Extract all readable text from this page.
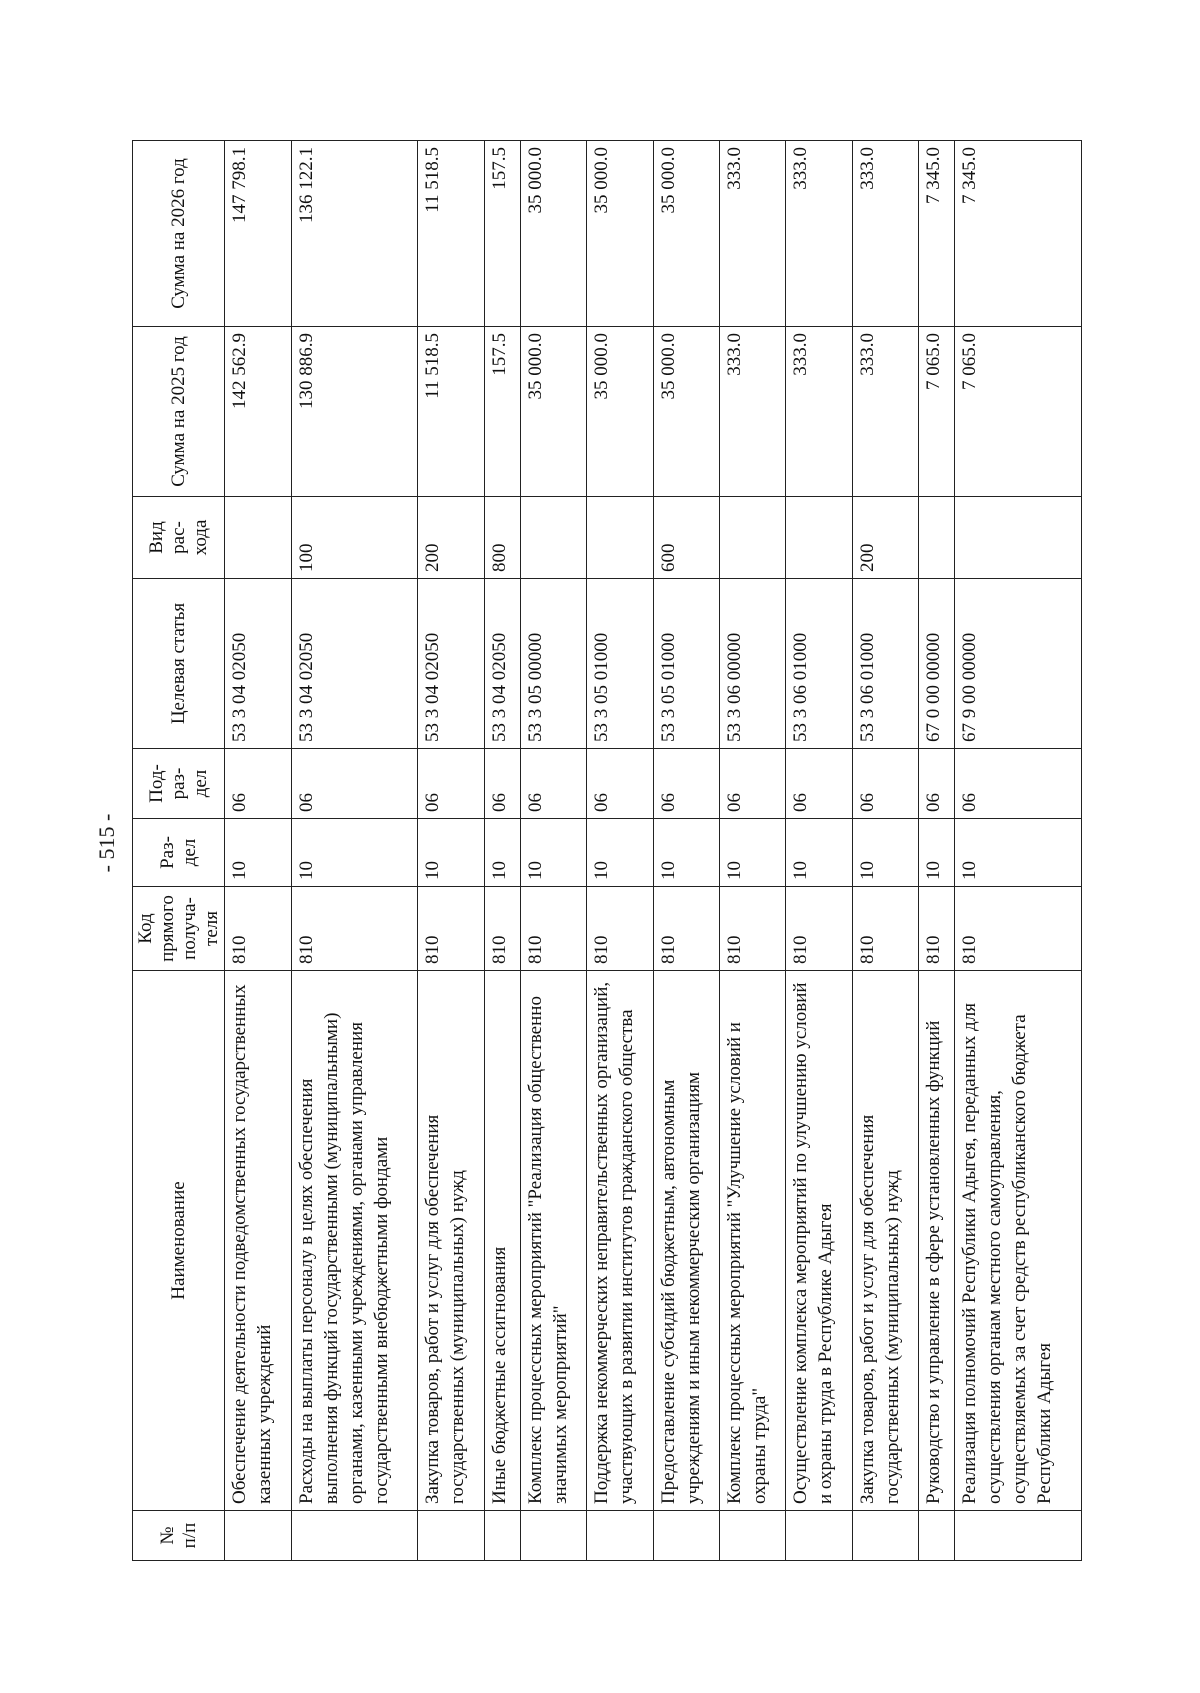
- 515 -
№ п/п	Наименование	Код прямого получа- теля	Раз- дел	Под- раз- дел	Целевая статья	Вид рас- хода	Сумма на 2025 год	Сумма на 2026 год
	Обеспечение деятельности подведомственных государственных казенных учреждений	810	10	06	53 3 04 02050		142 562.9	147 798.1
	Расходы на выплаты персоналу в целях обеспечения выполнения функций государственными (муниципальными) органами, казенными учреждениями, органами управления государственными внебюджетными фондами	810	10	06	53 3 04 02050	100	130 886.9	136 122.1
	Закупка товаров, работ и услуг для обеспечения государственных (муниципальных) нужд	810	10	06	53 3 04 02050	200	11 518.5	11 518.5
	Иные бюджетные ассигнования	810	10	06	53 3 04 02050	800	157.5	157.5
	Комплекс процессных мероприятий "Реализация общественно значимых мероприятий"	810	10	06	53 3 05 00000		35 000.0	35 000.0
	Поддержка некоммерческих неправительственных организаций, участвующих в развитии институтов гражданского общества	810	10	06	53 3 05 01000		35 000.0	35 000.0
	Предоставление субсидий бюджетным, автономным учреждениям и иным некоммерческим организациям	810	10	06	53 3 05 01000	600	35 000.0	35 000.0
	Комплекс процессных мероприятий "Улучшение условий и охраны труда"	810	10	06	53 3 06 00000		333.0	333.0
	Осуществление комплекса мероприятий по улучшению условий и охраны труда в Республике Адыгея	810	10	06	53 3 06 01000		333.0	333.0
	Закупка товаров, работ и услуг для обеспечения государственных (муниципальных) нужд	810	10	06	53 3 06 01000	200	333.0	333.0
	Руководство и управление в сфере установленных функций	810	10	06	67 0 00 00000		7 065.0	7 345.0
	Реализация полномочий Республики Адыгея, переданных для осуществления органам местного самоуправления, осуществляемых за счет средств республиканского бюджета Республики Адыгея	810	10	06	67 9 00 00000		7 065.0	7 345.0
